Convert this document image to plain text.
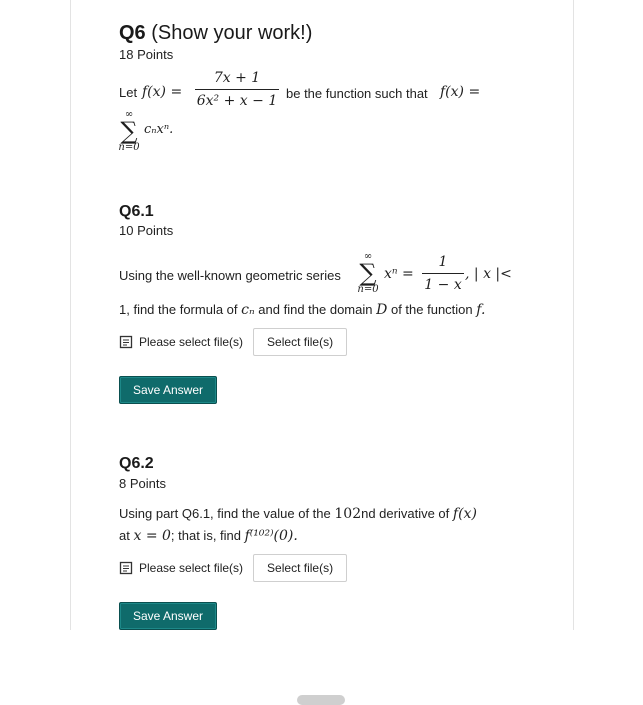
Q6 (Show your work!)
18 Points
Let f(x) =
7x + 1
6x² + x − 1 be the function such that f(x) =
∞
∑
n=0
cₙxⁿ.
Q6.1
10 Points
Using the well-known geometric series
∞
∑
n=0
xⁿ =
1
1 − x
, | x |<
1, find the formula of cₙ and find the domain D of the function f.
Please select file(s)	Select file(s)
Save Answer
Q6.2
8 Points
Using part Q6.1, find the value of the 102nd derivative of f(x)
at x = 0; that is, find f⁽¹⁰²⁾(0).
Please select file(s)	Select file(s)
Save Answer
